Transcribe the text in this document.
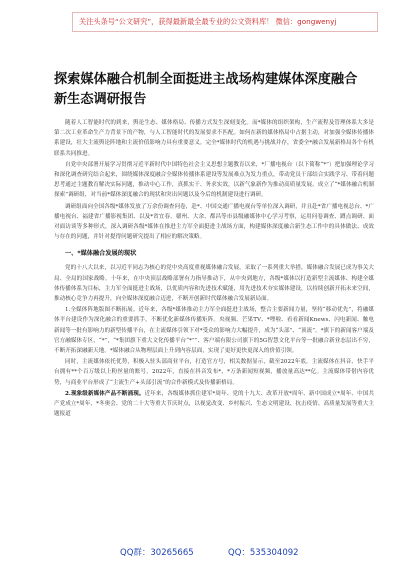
关注头条号“公文研究”，获得最新最全最专业的公文资料库！ 微信：gongwenyj
探索媒体融合机制全面挺进主战场构建媒体深度融合
新生态调研报告

随着人工智能时代的到来，舆论生态、媒体格局、传播方式发生深刻变化。而*媒体的组织架构，生产流程及管理体系大多是第二次工业革命生产力背景下的产物，与人工智能时代的发展要求不匹配。如何在新的媒体格局中占据主动，对加强全媒体传播体系建设，壮大主流舆论阵地和主流价值影响力具有重要意义。完全*媒体时代的机遇与挑战并存，省委全*融合发展新格局各个有机联系共同推进。

自党中央部署开展学习贯彻习近平新时代中国特色社会主义思想主题教育以来，*厂播电视台（以下简称“*”）把加强理论学习和深化调查研究结合起来，围绕媒体深度融合全媒体传播体系建设等发展难点为发力重点，带动党员干部结合实践学习、带着问题思考通过主题教育解决实际问题，推动中心工作，真抓实干、务求实效，以新气象新作为推动高质量发展。成立了“*媒体融合机制探索”调研组，对当前*媒体深度融合的现状和突出问题以及今后的机制建设进行调研。

调研组面向全国各级*媒体发放了万余份调查问卷，赴*、中国交通广播电视台等单位深入调研，并且赴*省广播电视总台、*广播电视台、福建省广播影视集团、以及*省宜春、赣州、大余、都昌等市县级融媒体中心学习考察，运用问卷调查、蹲点调研、面对面访谈等多种形式，深入调研各级*媒体在推进主力军全面挺进主战场方面，构建媒体深度融合新生态工作中的具体做法、成效与存在的问题，并针对提得问题研究提出了相应的解决策略。

一、*媒体融合发展的现状

党的十八大以来，以习近平同志为核心的党中央高度重视媒体融合发展，采取了一系列重大举措，媒体融合发展已成为事关大局、全局的国家战略。十年来，在中央顶层战略部署有力指导推动下，从中央到地方，各级*媒体以打造新型主流媒体、构建全媒体传播体系为目标，主力军全面挺进主战场，以优质内容和先进技术赋能，用先进技术夯实媒体建设，以持续创新开拓未来空间，推动核心竞争力再提升，向全媒体深度融合迈进，不断开创新时代媒体融合发展新局面。

1.全媒体阵地版图不断拓展。近年来，各级*媒体推动主力军全面挺进主战场，整合主要新闻力量，坚持“移动优先”，将融媒体平台建设作为深化融合的重要抓手，不断优化新媒体传播矩阵。央视频、芒果TV、*哩啦、看看新闻Knews、闪电新闻、触电新闻等一批有影响力的新型传播平台，在主流媒体引领下对*受众的影响力大幅提升，成为“头部”、“顶流”。*旗下的新闻客户端及官方融媒体专区，“*”，“*集团旗下重大文化传播平台“*””、客户端有限公司旗下的5G智慧文化平台等一批融合新业态层出不穷，不断开拓深融新天地。*媒体融合从物理层面上升到内容层面，实现了更好更快更深入的价值引领。

同时，主流媒体依托优势，积极入驻头部商业平台，打造官方号，相关数据显示，截至2022年底，主流媒体在抖音、快手平台拥有**个百万级以上粉丝量的账号，2022年，直接在抖音发布*，*万条新闻短视频，播放量高达**亿。主流媒体带借内容优势，与商业平台形成了“主流生产+头部引流”的合作新模式及传播新格局。

2.现象级新媒体产品不断涌现。近年来，各级媒体抓住建军*周年、党的十九大、改革开放*周年、新中国成立*周年、中国共产党成立*周年、*冬奥会、党的二十大等重大节庆时点，以视觉改变、乡村振兴、生态文明建设、抗击疫情、高质量发展等重大主题报道

QQ群：30265665	QQ：535304092
